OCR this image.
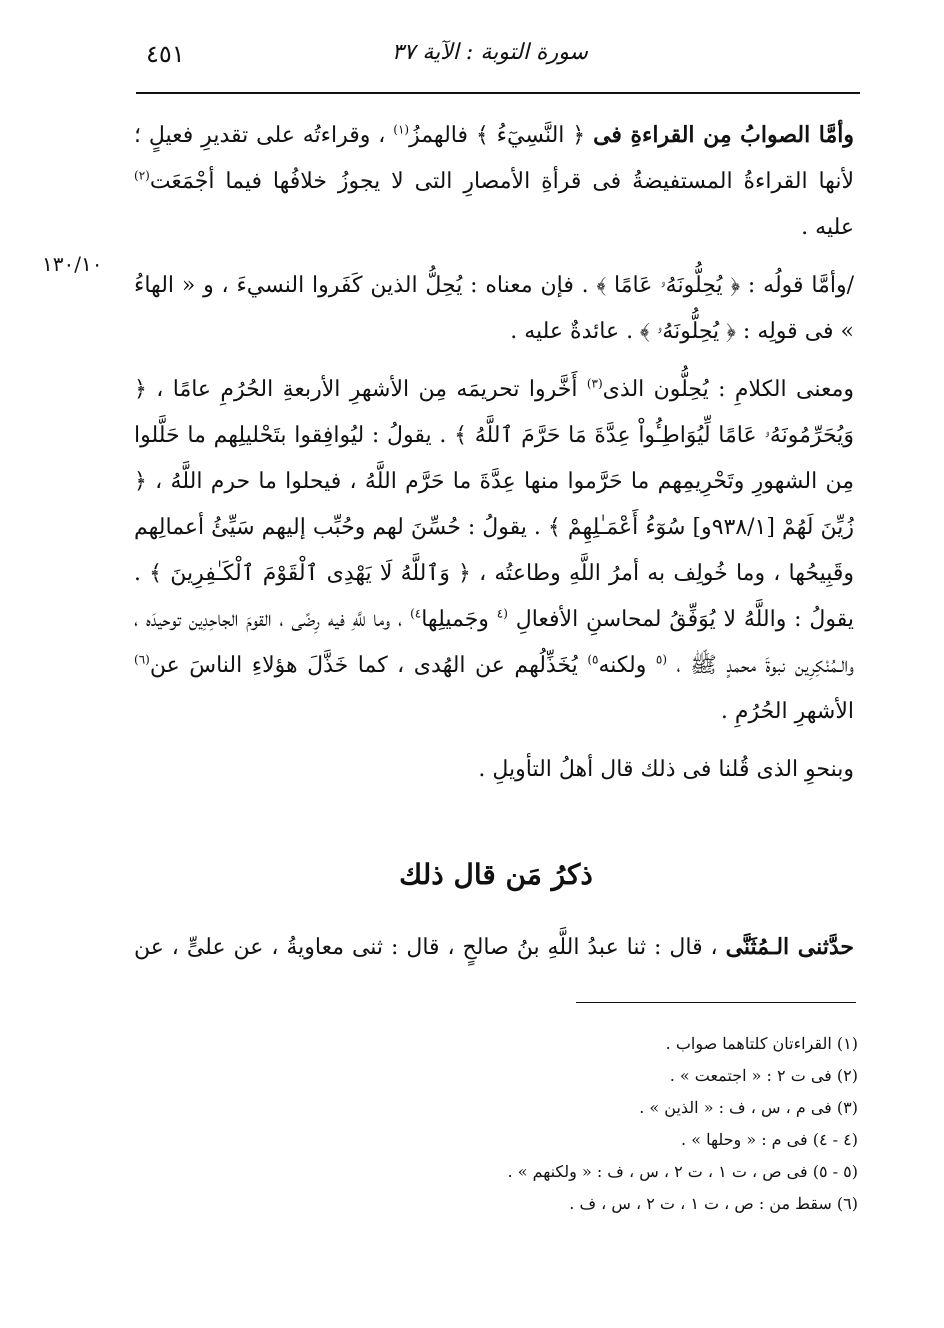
٤٥١	سورة التوبة : الآية ٣٧
١٣٠/١٠

وأمَّا الصوابُ مِن القراءةِ فى ﴿ النَّسِيٓءُ ﴾ فالهمزُ$^{(١)}$ ، وقراءتُه على تقديرِ فعيلٍ ؛ لأنها القراءةُ المستفيضةُ فى قرأةِ الأمصارِ التى لا يجوزُ خلافُها فيما أجْمَعَت$^{(٢)}$ عليه .

/وأمَّا قولُه : ﴿ يُحِلُّونَهُۥ عَامًا ﴾ . فإن معناه : يُحِلُّ الذين كَفَروا النسيءَ ، و « الهاءُ » فى قولِه : ﴿ يُحِلُّونَهُۥ ﴾ . عائدةٌ عليه .

ومعنى الكلامِ : يُحِلُّون الذى$^{(٣)}$ أَخَّروا تحريمَه مِن الأشهرِ الأربعةِ الحُرُمِ عامًا ، ﴿ وَيُحَرِّمُونَهُۥ عَامًا لِّيُوَاطِـُٔواْ عِدَّةَ مَا حَرَّمَ ٱللَّهُ ﴾ . يقولُ : ليُوافِقوا بتَحْليلِهم ما حَلَّلوا مِن الشهورِ وتَحْرِيمِهم ما حَرَّموا منها عِدَّةَ ما حَرَّم اللَّهُ ، فيحلوا ما حرم اللَّهُ ، ﴿ زُيِّنَ لَهُمْ [٩٣٨/١و] سُوٓءُ أَعْمَـٰلِهِمْ ﴾ . يقولُ : حُسِّنَ لهم وحُبِّب إليهم سَيِّئُ أعمالِهم وقَبِيحُها ، وما خُولِف به أمرُ اللَّهِ وطاعتُه ، ﴿ وَٱللَّهُ لَا يَهْدِى ٱلْقَوْمَ ٱلْكَـٰفِرِينَ ﴾ . يقولُ : واللَّهُ لا يُوَفِّقُ لمحاسنِ الأفعالِ $^{(٤}$ وجَميلِها$^{٤)}$ ، وما للَّهِ فيه رِضًى ، القومَ الجاحِدِين توحيدَه ، والـمُنْكِرِين نبوةَ محمدٍ ﷺ ، $^{(٥}$ ولكنه$^{٥)}$ يُخَذِّلُهم عن الهُدى ، كما خَذَّلَ هؤلاءِ الناسَ عن$^{(٦)}$ الأشهرِ الحُرُمِ .

وبنحوِ الذى قُلنا فى ذلك قال أهلُ التأويلِ .

ذكرُ مَن قال ذلك
حدَّثنى الـمُثَنَّى ، قال : ثنا عبدُ اللَّهِ بنُ صالحٍ ، قال : ثنى معاويةُ ، عن علىٍّ ، عن
(١) القراءتان كلتاهما صواب .
(٢) فى ت ٢ : « اجتمعت » .
(٣) فى م ، س ، ف : « الذين » .
(٤ - ٤) فى م : « وحلها » .
(٥ - ٥) فى ص ، ت ١ ، ت ٢ ، س ، ف : « ولكنهم » .
(٦) سقط من : ص ، ت ١ ، ت ٢ ، س ، ف .
